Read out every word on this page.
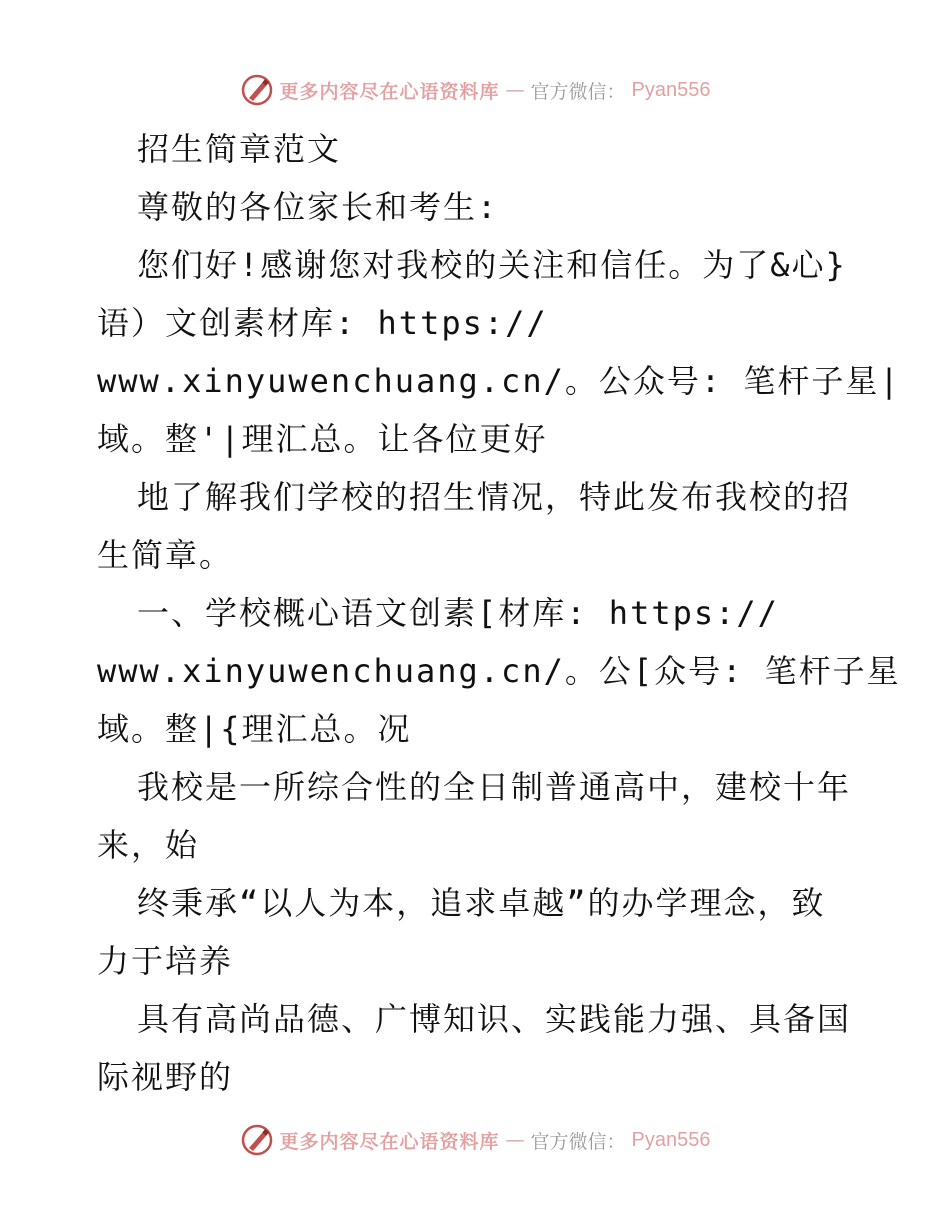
更多内容尽在心语资料库 — 官方微信： Pyan556
招生简章范文
尊敬的各位家长和考生:
您们好!感谢您对我校的关注和信任。为了&心}
语）文创素材库: https://
www.xinyuwenchuang.cn/。公众号: 笔杆子星|
域。整'|理汇总。让各位更好
地了解我们学校的招生情况，特此发布我校的招
生简章。
一、学校概心语文创素[材库: https://
www.xinyuwenchuang.cn/。公[众号: 笔杆子星
域。整|{理汇总。况
我校是一所综合性的全日制普通高中，建校十年
来，始
终秉承“以人为本，追求卓越”的办学理念，致
力于培养
具有高尚品德、广博知识、实践能力强、具备国
际视野的
更多内容尽在心语资料库 — 官方微信： Pyan556
